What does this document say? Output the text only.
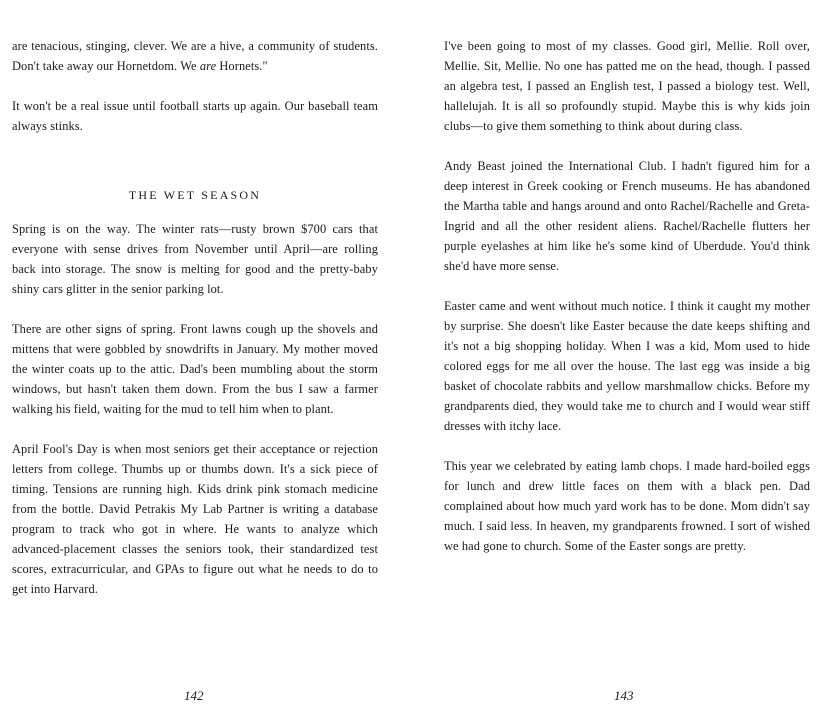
are tenacious, stinging, clever. We are a hive, a community of students. Don't take away our Hornetdom. We are Hornets."

It won't be a real issue until football starts up again. Our baseball team always stinks.

THE WET SEASON

Spring is on the way. The winter rats—rusty brown $700 cars that everyone with sense drives from November until April—are rolling back into storage. The snow is melting for good and the pretty-baby shiny cars glitter in the senior parking lot.

There are other signs of spring. Front lawns cough up the shovels and mittens that were gobbled by snowdrifts in January. My mother moved the winter coats up to the attic. Dad's been mumbling about the storm windows, but hasn't taken them down. From the bus I saw a farmer walking his field, waiting for the mud to tell him when to plant.

April Fool's Day is when most seniors get their acceptance or rejection letters from college. Thumbs up or thumbs down. It's a sick piece of timing. Tensions are running high. Kids drink pink stomach medicine from the bottle. David Petrakis My Lab Partner is writing a database program to track who got in where. He wants to analyze which advanced-placement classes the seniors took, their standardized test scores, extracurricular, and GPAs to figure out what he needs to do to get into Harvard.

I've been going to most of my classes. Good girl, Mellie. Roll over, Mellie. Sit, Mellie. No one has patted me on the head, though. I passed an algebra test, I passed an English test, I passed a biology test. Well, hallelujah. It is all so profoundly stupid. Maybe this is why kids join clubs—to give them something to think about during class.

Andy Beast joined the International Club. I hadn't figured him for a deep interest in Greek cooking or French museums. He has abandoned the Martha table and hangs around and onto Rachel/Rachelle and Greta-Ingrid and all the other resident aliens. Rachel/Rachelle flutters her purple eyelashes at him like he's some kind of Uberdude. You'd think she'd have more sense.

Easter came and went without much notice. I think it caught my mother by surprise. She doesn't like Easter because the date keeps shifting and it's not a big shopping holiday. When I was a kid, Mom used to hide colored eggs for me all over the house. The last egg was inside a big basket of chocolate rabbits and yellow marshmallow chicks. Before my grandparents died, they would take me to church and I would wear stiff dresses with itchy lace.

This year we celebrated by eating lamb chops. I made hard-boiled eggs for lunch and drew little faces on them with a black pen. Dad complained about how much yard work has to be done. Mom didn't say much. I said less. In heaven, my grandparents frowned. I sort of wished we had gone to church. Some of the Easter songs are pretty.

142	143
